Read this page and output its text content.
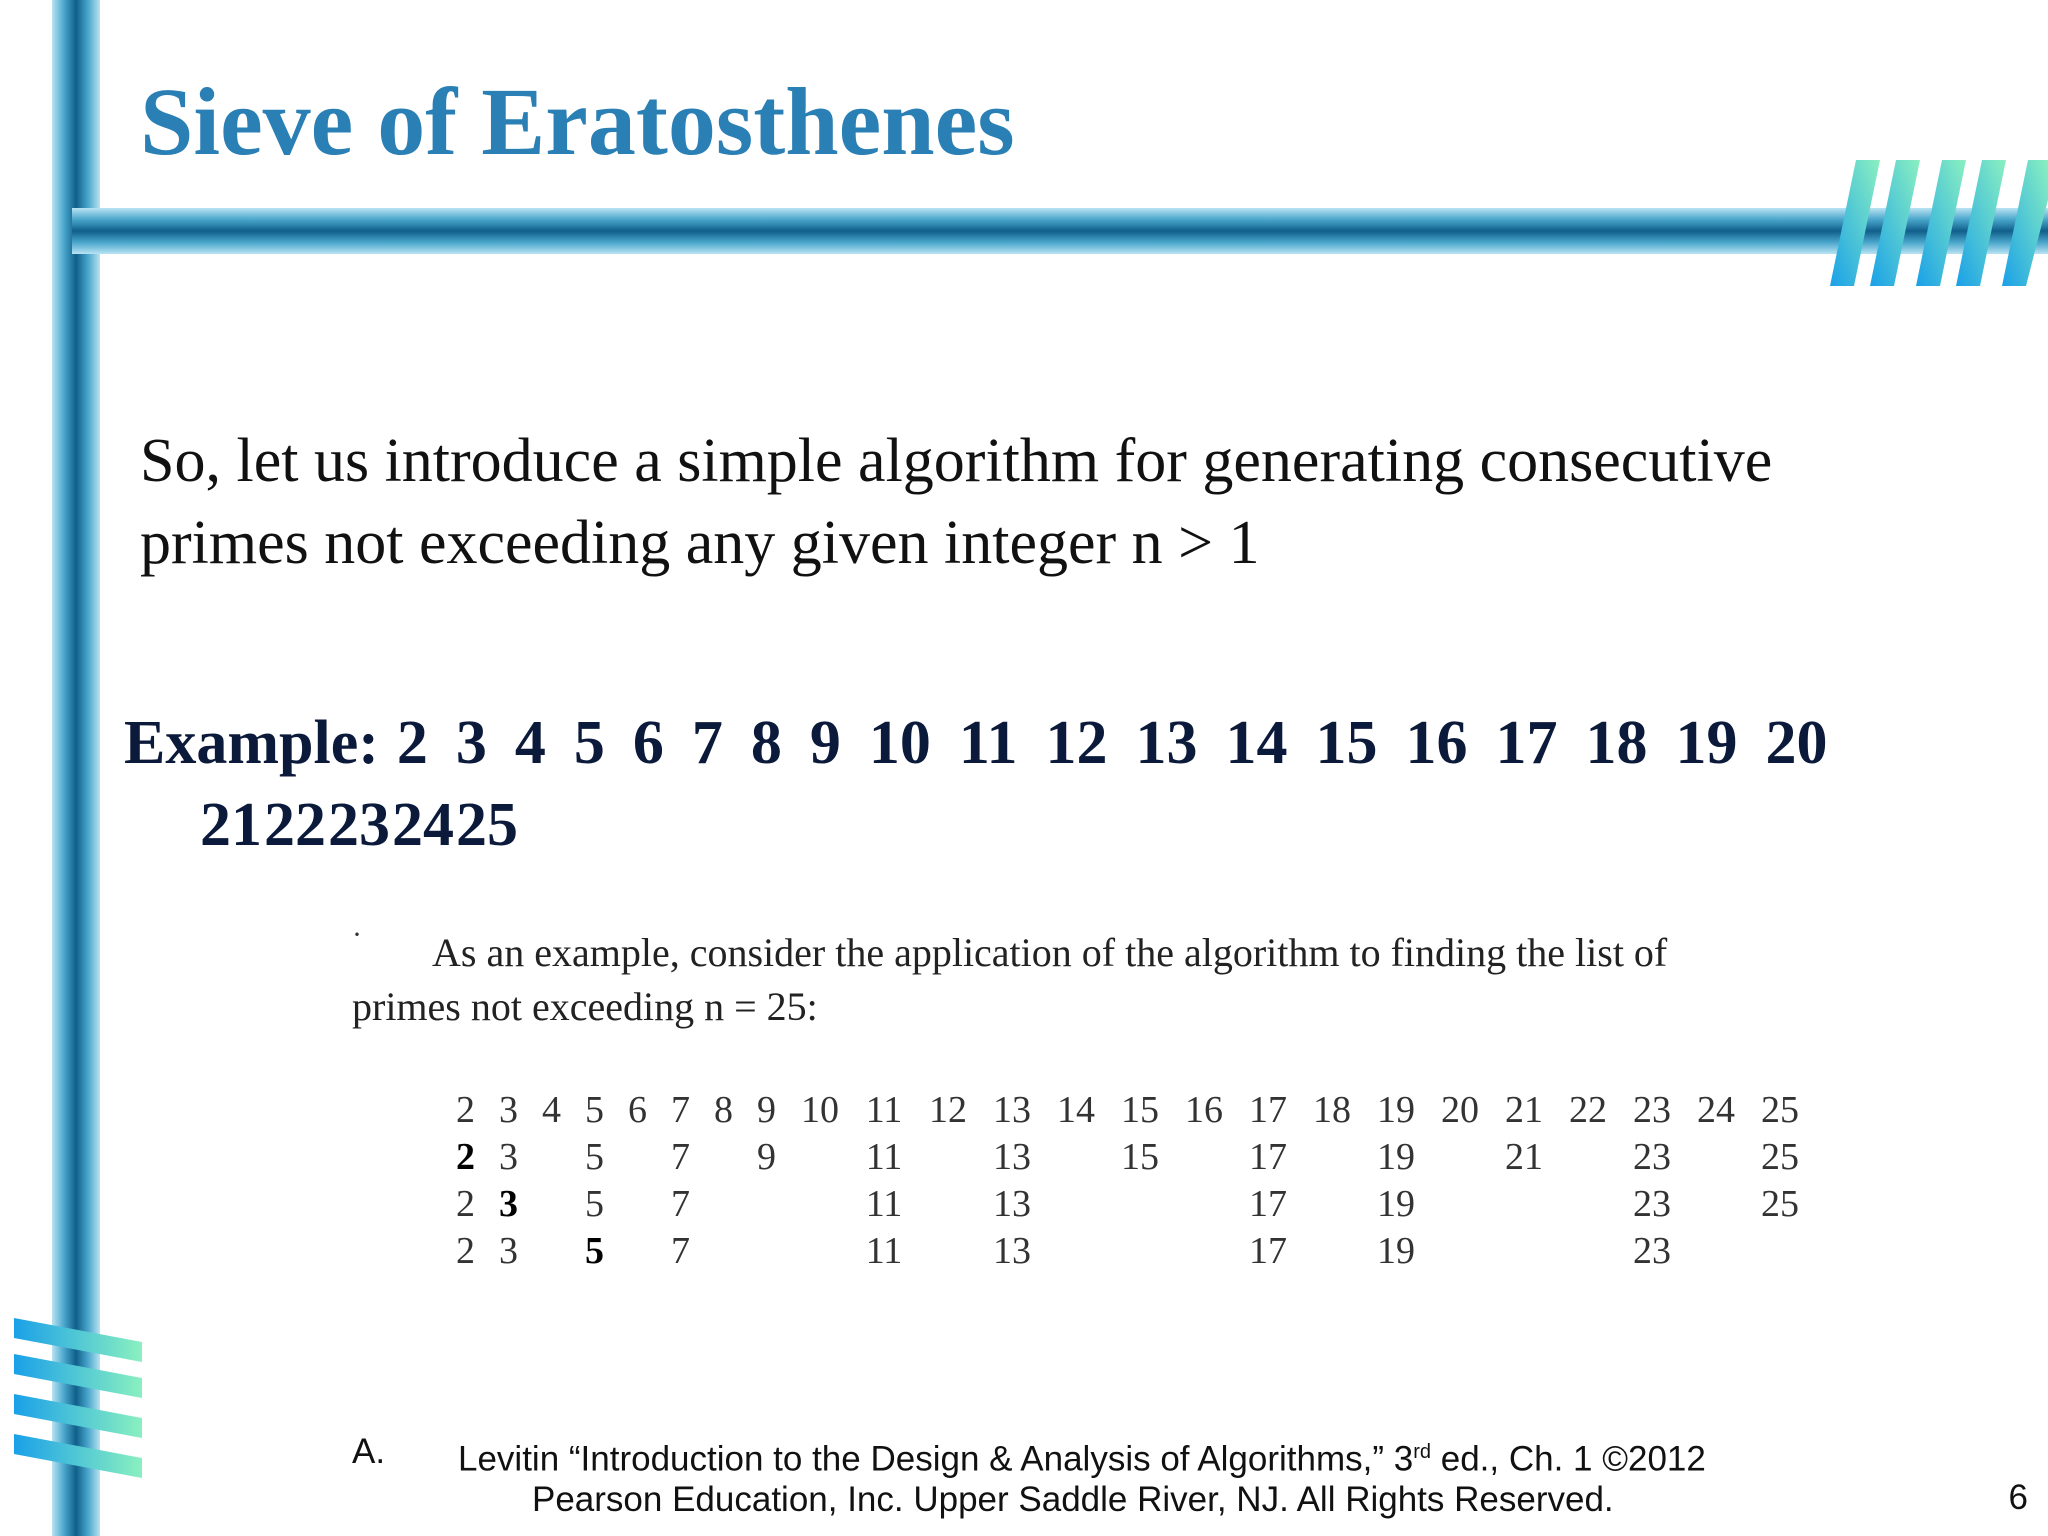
Sieve of Eratosthenes
So, let us introduce a simple algorithm for generating consecutive
primes not exceeding any given integer n > 1
Example: 2 3 4 5 6 7 8 9 10 11 12 13 14 15 16 17 18 19 20
2122232425
·	As an example, consider the application of the algorithm to finding the list of
primes not exceeding n = 25:
2	3	4	5	6	7	8	9	10	11	12	13	14	15	16	17	18	19	20	21	22	23	24	25
2	3		5		7		9		11		13		15		17		19		21		23		25
2	3		5		7				11		13				17		19				23		25
2	3		5		7				11		13				17		19				23		
A. Levitin “Introduction to the Design & Analysis of Algorithms,” 3rd ed., Ch. 1 ©2012
Pearson Education, Inc. Upper Saddle River, NJ. All Rights Reserved.	6
